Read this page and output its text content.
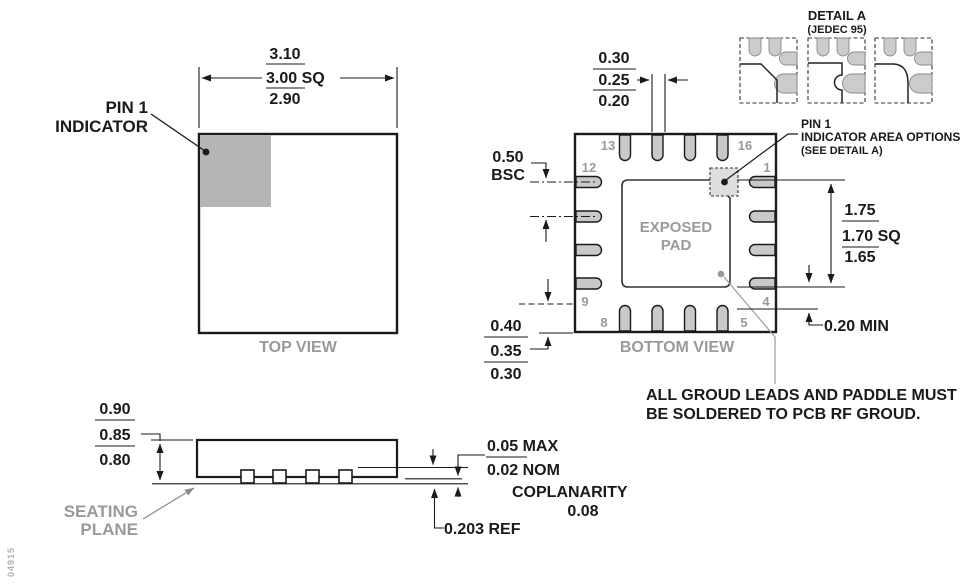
3.10
3.00 SQ
2.90
PIN 1
INDICATOR
TOP VIEW
13	16
12	1
9	4
8	5
EXPOSED
PAD
BOTTOM VIEW
0.30
0.25
0.20
0.50
BSC
1.75
1.70 SQ
1.65
0.20 MIN
0.40
0.35
0.30
PIN 1
INDICATOR AREA OPTIONS
(SEE DETAIL A)
DETAIL A
(JEDEC 95)
ALL GROUD LEADS AND PADDLE MUST
BE SOLDERED TO PCB RF GROUD.
0.90
0.85
0.80
0.05 MAX
0.02 NOM
COPLANARITY
0.08
0.203 REF
SEATING
PLANE
04915
